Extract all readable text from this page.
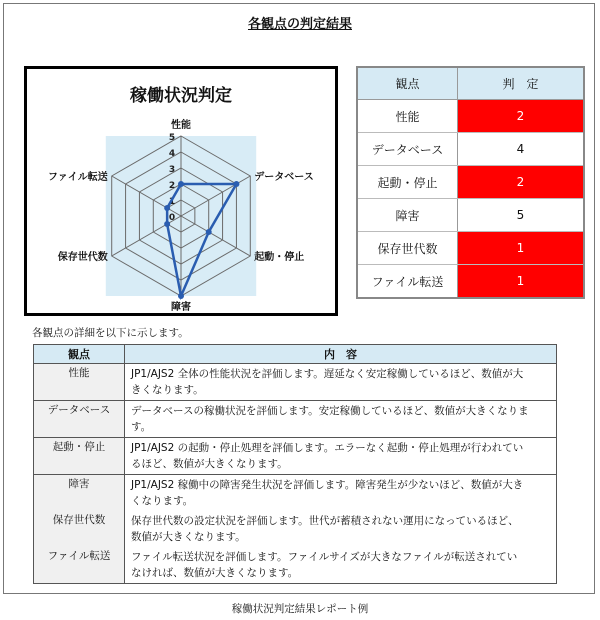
各観点の判定結果
稼働状況判定
0
1
2
3
4
5
性能
データベース
起動・停止
障害
保存世代数
ファイル転送
観点	判　定
性能	2
データベース	4
起動・停止	2
障害	5
保存世代数	1
ファイル転送	1
各観点の詳細を以下に示します。
観点	内　容
性能	JP1/AJS2 全体の性能状況を評価します。遅延なく安定稼働しているほど、数値が大
きくなります。

データベース	データベースの稼働状況を評価します。安定稼働しているほど、数値が大きくなりま
す。

起動・停止	JP1/AJS2 の起動・停止処理を評価します。エラーなく起動・停止処理が行われてい
るほど、数値が大きくなります。

障害	JP1/AJS2 稼働中の障害発生状況を評価します。障害発生が少ないほど、数値が大き
くなります。

保存世代数	保存世代数の設定状況を評価します。世代が蓄積されない運用になっているほど、
数値が大きくなります。

ファイル転送	ファイル転送状況を評価します。ファイルサイズが大きなファイルが転送されてい
なければ、数値が大きくなります。
稼働状況判定結果レポート例
